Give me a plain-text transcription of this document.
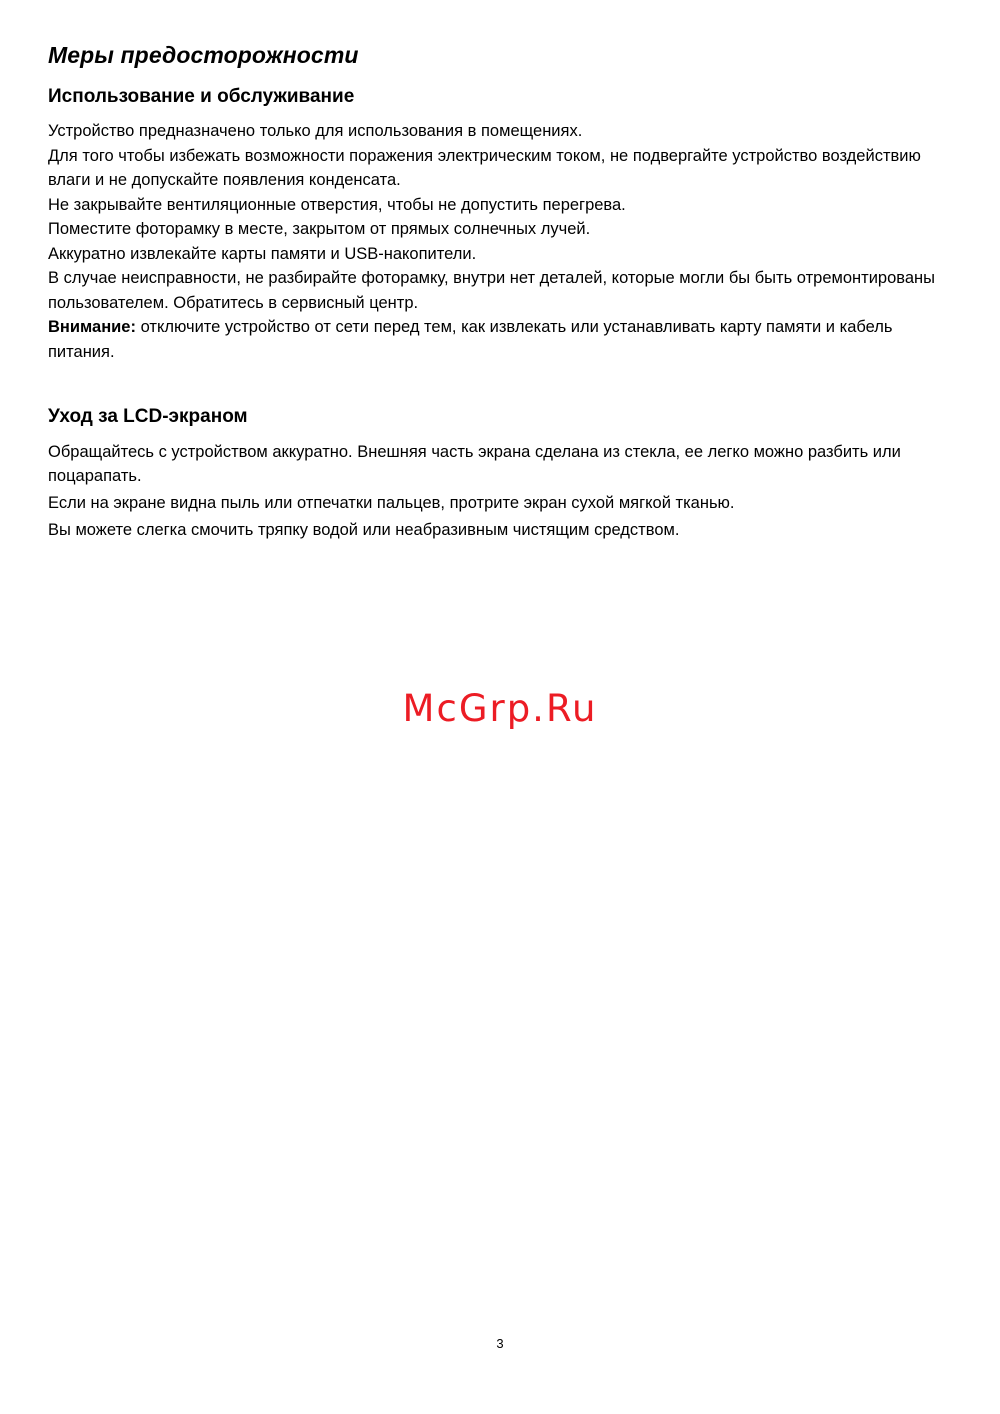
Меры предосторожности
Использование и обслуживание

Устройство предназначено только для использования в помещениях.

Для того чтобы избежать возможности поражения электрическим током, не подвергайте устройство воздействию влаги и не допускайте появления конденсата.

Не закрывайте вентиляционные отверстия, чтобы не допустить перегрева.

Поместите фоторамку в месте, закрытом от прямых солнечных лучей.

Аккуратно извлекайте карты памяти и USB-накопители.

В случае неисправности, не разбирайте фоторамку, внутри нет деталей, которые могли бы быть отремонтированы пользователем. Обратитесь в сервисный центр.

Внимание: отключите устройство от сети перед тем, как извлекать или устанавливать карту памяти и кабель питания.

Уход за LCD-экраном

Обращайтесь с устройством аккуратно. Внешняя часть экрана сделана из стекла, ее легко можно разбить или поцарапать.

Если на экране видна пыль или отпечатки пальцев, протрите экран сухой мягкой тканью.

Вы можете слегка смочить тряпку водой или неабразивным чистящим средством.

McGrp.Ru
3
